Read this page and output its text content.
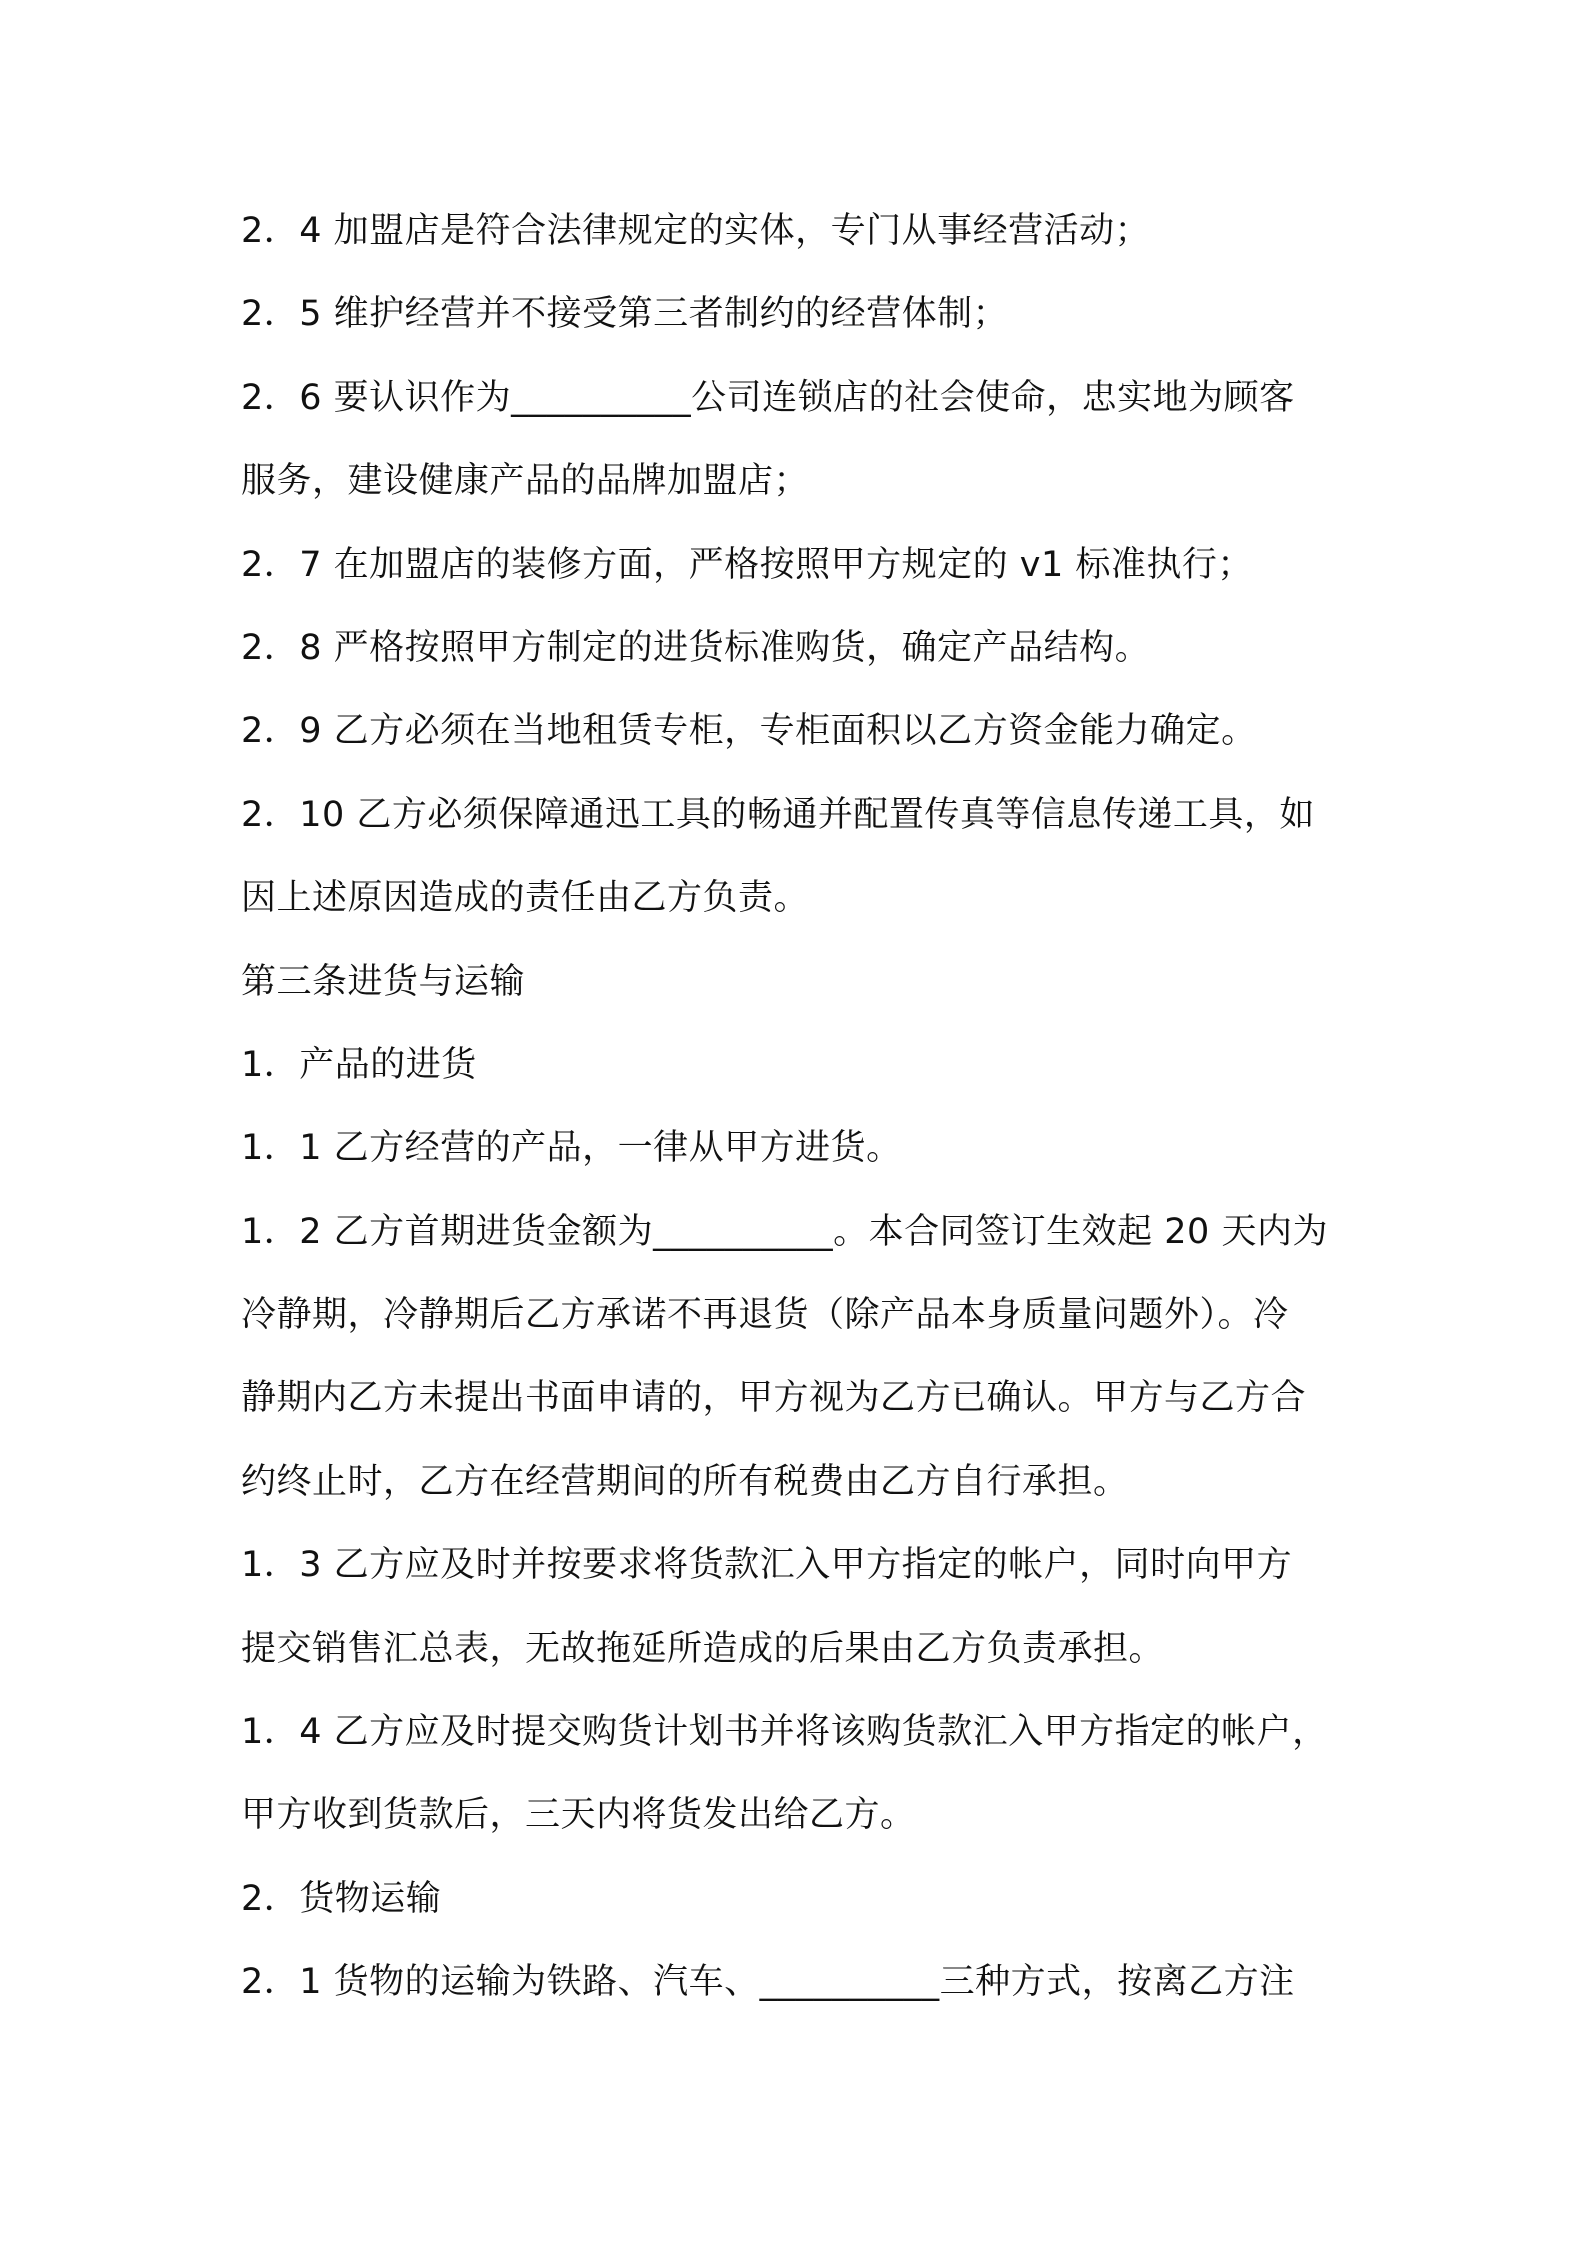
2．4 加盟店是符合法律规定的实体，专门从事经营活动；
2．5 维护经营并不接受第三者制约的经营体制；
2．6 要认识作为__________公司连锁店的社会使命，忠实地为顾客
服务，建设健康产品的品牌加盟店；
2．7 在加盟店的装修方面，严格按照甲方规定的 v1 标准执行；
2．8 严格按照甲方制定的进货标准购货，确定产品结构。
2．9 乙方必须在当地租赁专柜，专柜面积以乙方资金能力确定。
2．10 乙方必须保障通迅工具的畅通并配置传真等信息传递工具，如
因上述原因造成的责任由乙方负责。
第三条进货与运输
1．产品的进货
1．1 乙方经营的产品，一律从甲方进货。
1．2 乙方首期进货金额为__________。本合同签订生效起 20 天内为
冷静期，冷静期后乙方承诺不再退货（除产品本身质量问题外）。冷
静期内乙方未提出书面申请的，甲方视为乙方已确认。甲方与乙方合
约终止时，乙方在经营期间的所有税费由乙方自行承担。
1．3 乙方应及时并按要求将货款汇入甲方指定的帐户，同时向甲方
提交销售汇总表，无故拖延所造成的后果由乙方负责承担。
1．4 乙方应及时提交购货计划书并将该购货款汇入甲方指定的帐户，
甲方收到货款后，三天内将货发出给乙方。
2．货物运输
2．1 货物的运输为铁路、汽车、__________三种方式，按离乙方注
